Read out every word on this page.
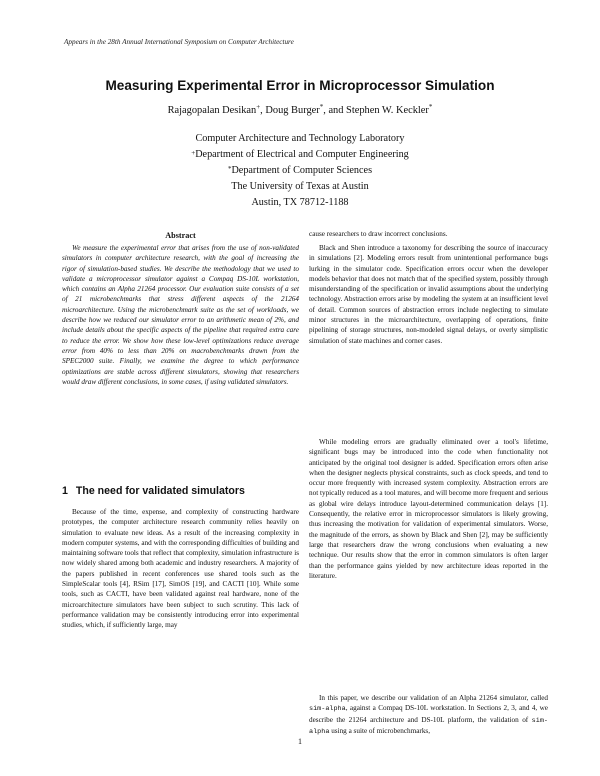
Appears in the 28th Annual International Symposium on Computer Architecture
Measuring Experimental Error in Microprocessor Simulation
Rajagopalan Desikan+, Doug Burger*, and Stephen W. Keckler*
Computer Architecture and Technology Laboratory
+Department of Electrical and Computer Engineering
*Department of Computer Sciences
The University of Texas at Austin
Austin, TX 78712-1188
Abstract
We measure the experimental error that arises from the use of non-validated simulators in computer architecture research, with the goal of increasing the rigor of simulation-based studies. We describe the methodology that we used to validate a microprocessor simulator against a Compaq DS-10L workstation, which contains an Alpha 21264 processor. Our evaluation suite consists of a set of 21 microbenchmarks that stress different aspects of the 21264 microarchitecture. Using the microbenchmark suite as the set of workloads, we describe how we reduced our simulator error to an arithmetic mean of 2%, and include details about the specific aspects of the pipeline that required extra care to reduce the error. We show how these low-level optimizations reduce average error from 40% to less than 20% on macrobenchmarks drawn from the SPEC2000 suite. Finally, we examine the degree to which performance optimizations are stable across different simulators, showing that researchers would draw different conclusions, in some cases, if using validated simulators.
1 The need for validated simulators
Because of the time, expense, and complexity of constructing hardware prototypes, the computer architecture research community relies heavily on simulation to evaluate new ideas. As a result of the increasing complexity in modern computer systems, and with the corresponding difficulties of building and maintaining software tools that reflect that complexity, simulation infrastructure is now widely shared among both academic and industry researchers. A majority of the papers published in recent conferences use shared tools such as the SimpleScalar tools [4], RSim [17], SimOS [19], and CACTI [10]. While some tools, such as CACTI, have been validated against real hardware, none of the microarchitecture simulators have been subject to such scrutiny. This lack of performance validation may be consistently introducing error into experimental studies, which, if sufficiently large, may
cause researchers to draw incorrect conclusions.
Black and Shen introduce a taxonomy for describing the source of inaccuracy in simulations [2]. Modeling errors result from unintentional performance bugs lurking in the simulator code. Specification errors occur when the developer models behavior that does not match that of the specified system, possibly through misunderstanding of the specification or invalid assumptions about the underlying technology. Abstraction errors arise by modeling the system at an insufficient level of detail. Common sources of abstraction errors include neglecting to simulate minor structures in the microarchitecture, overlapping of operations, finite pipelining of storage structures, non-modeled signal delays, or overly simplistic simulation of state machines and corner cases.
While modeling errors are gradually eliminated over a tool's lifetime, significant bugs may be introduced into the code when functionality not anticipated by the original tool designer is added. Specification errors often arise when the designer neglects physical constraints, such as clock speeds, and tend to occur more frequently with increased system complexity. Abstraction errors are not typically reduced as a tool matures, and will become more frequent and serious as global wire delays introduce layout-determined communication delays [1]. Consequently, the relative error in microprocessor simulators is likely growing, thus increasing the motivation for validation of experimental simulators. Worse, the magnitude of the errors, as shown by Black and Shen [2], may be sufficiently large that researchers draw the wrong conclusions when evaluating a new technique. Our results show that the error in common simulators is often larger than the performance gains yielded by new architecture ideas reported in the literature.
In this paper, we describe our validation of an Alpha 21264 simulator, called sim-alpha, against a Compaq DS-10L workstation. In Sections 2, 3, and 4, we describe the 21264 architecture and DS-10L platform, the validation of sim-alpha using a suite of microbenchmarks,
1
